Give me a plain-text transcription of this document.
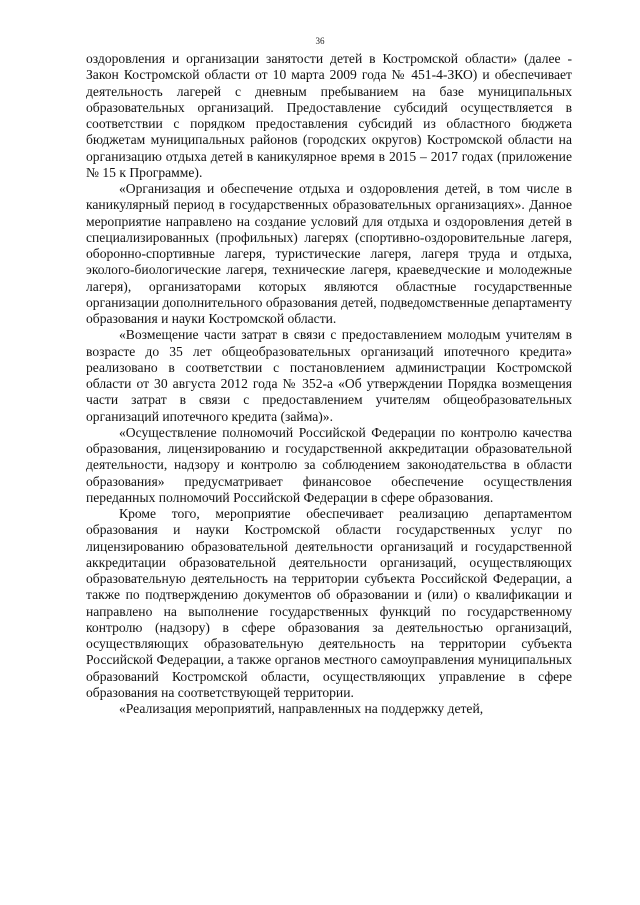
36

оздоровления и организации занятости детей в Костромской области» (далее - Закон Костромской области от 10 марта 2009 года № 451-4-ЗКО) и обеспечивает деятельность лагерей с дневным пребыванием на базе муниципальных образовательных организаций. Предоставление субсидий осуществляется в соответствии с порядком предоставления субсидий из областного бюджета бюджетам муниципальных районов (городских округов) Костромской области на организацию отдыха детей в каникулярное время в 2015 – 2017 годах (приложение № 15 к Программе).

«Организация и обеспечение отдыха и оздоровления детей, в том числе в каникулярный период в государственных образовательных организациях». Данное мероприятие направлено на создание условий для отдыха и оздоровления детей в специализированных (профильных) лагерях (спортивно-оздоровительные лагеря, оборонно-спортивные лагеря, туристические лагеря, лагеря труда и отдыха, эколого-биологические лагеря, технические лагеря, краеведческие и молодежные лагеря), организаторами которых являются областные государственные организации дополнительного образования детей, подведомственные департаменту образования и науки Костромской области.

«Возмещение части затрат в связи с предоставлением молодым учителям в возрасте до 35 лет общеобразовательных организаций ипотечного кредита» реализовано в соответствии с постановлением администрации Костромской области от 30 августа 2012 года № 352-а «Об утверждении Порядка возмещения части затрат в связи с предоставлением учителям общеобразовательных организаций ипотечного кредита (займа)».

«Осуществление полномочий Российской Федерации по контролю качества образования, лицензированию и государственной аккредитации образовательной деятельности, надзору и контролю за соблюдением законодательства в области образования» предусматривает финансовое обеспечение осуществления переданных полномочий Российской Федерации в сфере образования.

Кроме того, мероприятие обеспечивает реализацию департаментом образования и науки Костромской области государственных услуг по лицензированию образовательной деятельности организаций и государственной аккредитации образовательной деятельности организаций, осуществляющих образовательную деятельность на территории субъекта Российской Федерации, а также по подтверждению документов об образовании и (или) о квалификации и направлено на выполнение государственных функций по государственному контролю (надзору) в сфере образования за деятельностью организаций, осуществляющих образовательную деятельность на территории субъекта Российской Федерации, а также органов местного самоуправления муниципальных образований Костромской области, осуществляющих управление в сфере образования на соответствующей территории.

«Реализация мероприятий, направленных на поддержку детей,
